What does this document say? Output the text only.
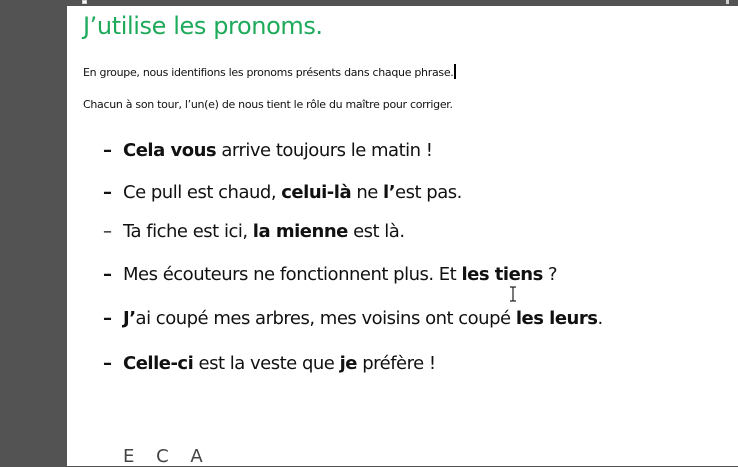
J’utilise les pronoms.

En groupe, nous identifions les pronoms présents dans chaque phrase.

Chacun à son tour, l’un(e) de nous tient le rôle du maître pour corriger.

– Cela vous arrive toujours le matin !
– Ce pull est chaud, celui-là ne l’est pas.
– Ta fiche est ici, la mienne est là.
– Mes écouteurs ne fonctionnent plus. Et les tiens ?
– J’ai coupé mes arbres, mes voisins ont coupé les leurs.
– Celle-ci est la veste que je préfère !
E C A
